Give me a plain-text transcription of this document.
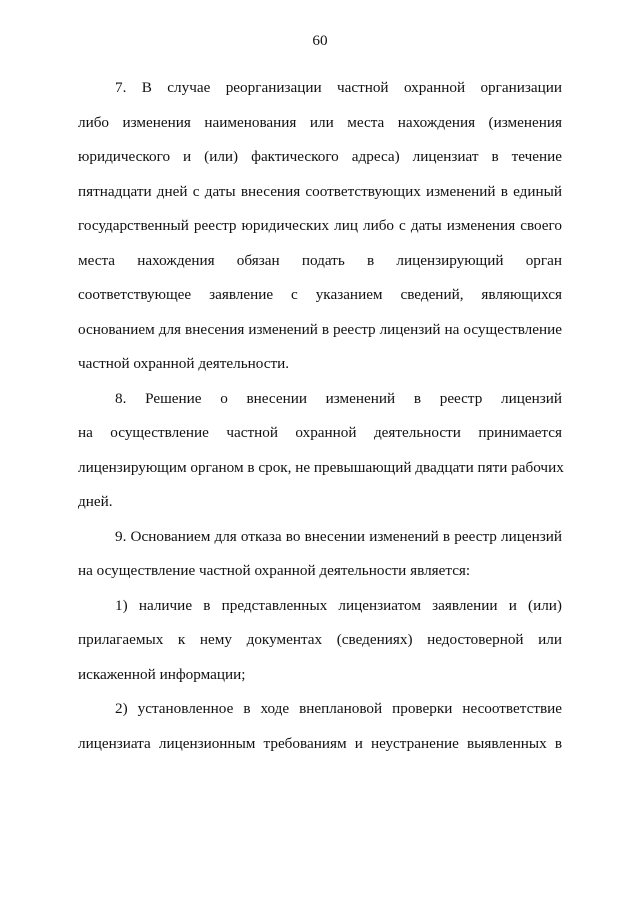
60
7. В случае реорганизации частной охранной организации
либо изменения наименования или места нахождения (изменения
юридического и (или) фактического адреса) лицензиат в течение
пятнадцати дней с даты внесения соответствующих изменений в единый
государственный реестр юридических лиц либо с даты изменения своего
места нахождения обязан подать в лицензирующий орган
соответствующее заявление с указанием сведений, являющихся
основанием для внесения изменений в реестр лицензий на осуществление
частной охранной деятельности.
8. Решение о внесении изменений в реестр лицензий
на осуществление частной охранной деятельности принимается
лицензирующим органом в срок, не превышающий двадцати пяти рабочих
дней.
9. Основанием для отказа во внесении изменений в реестр лицензий
на осуществление частной охранной деятельности является:
1) наличие в представленных лицензиатом заявлении и (или)
прилагаемых к нему документах (сведениях) недостоверной или
искаженной информации;
2) установленное в ходе внеплановой проверки несоответствие
лицензиата лицензионным требованиям и неустранение выявленных в
